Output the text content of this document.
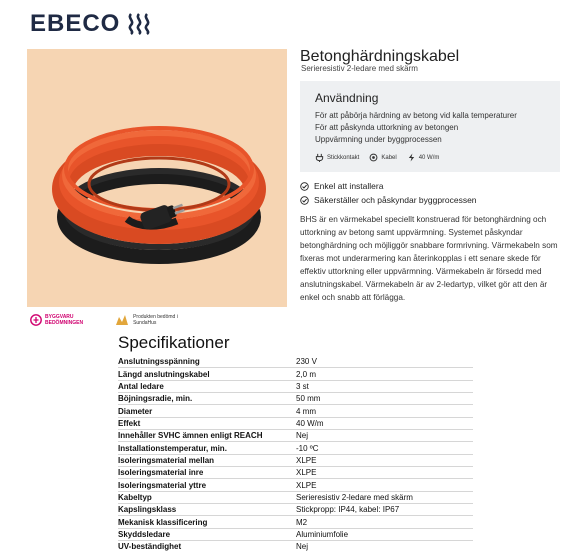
EBECO
Betonghärdningskabel
Serieresistiv 2-ledare med skärm
Användning
För att påbörja härdning av betong vid kalla temperaturer
För att påskynda uttorkning av betongen
Uppvärmning under byggprocessen
Stickkontakt	Kabel	40 W/m
Enkel att installera
Säkerställer och påskyndar byggprocessen
BHS är en värmekabel speciellt konstruerad för betonghärdning och uttorkning av betong samt uppvärmning. Systemet påskyndar betonghärdning och möjliggör snabbare formrivning. Värmekabeln som fixeras mot underarmering kan återinkopplas i ett senare skede för effektiv uttorkning eller uppvärmning. Värmekabeln är försedd med anslutningskabel. Värmekabeln är av 2-ledartyp, vilket gör att den är enkel och snabb att förlägga.
BYGGVARU
BEDÖMNINGEN
Produkten bedömd i
SundaHus
Specifikationer
Anslutningsspänning	230 V
Längd anslutningskabel	2,0 m
Antal ledare	3 st
Böjningsradie, min.	50 mm
Diameter	4 mm
Effekt	40 W/m
Innehåller SVHC ämnen enligt REACH	Nej
Installationstemperatur, min.	-10 ºC
Isoleringsmaterial mellan	XLPE
Isoleringsmaterial inre	XLPE
Isoleringsmaterial yttre	XLPE
Kabeltyp	Serieresistiv 2-ledare med skärm
Kapslingsklass	Stickpropp: IP44, kabel: IP67
Mekanisk klassificering	M2
Skyddsledare	Aluminiumfolie
UV-beständighet	Nej
